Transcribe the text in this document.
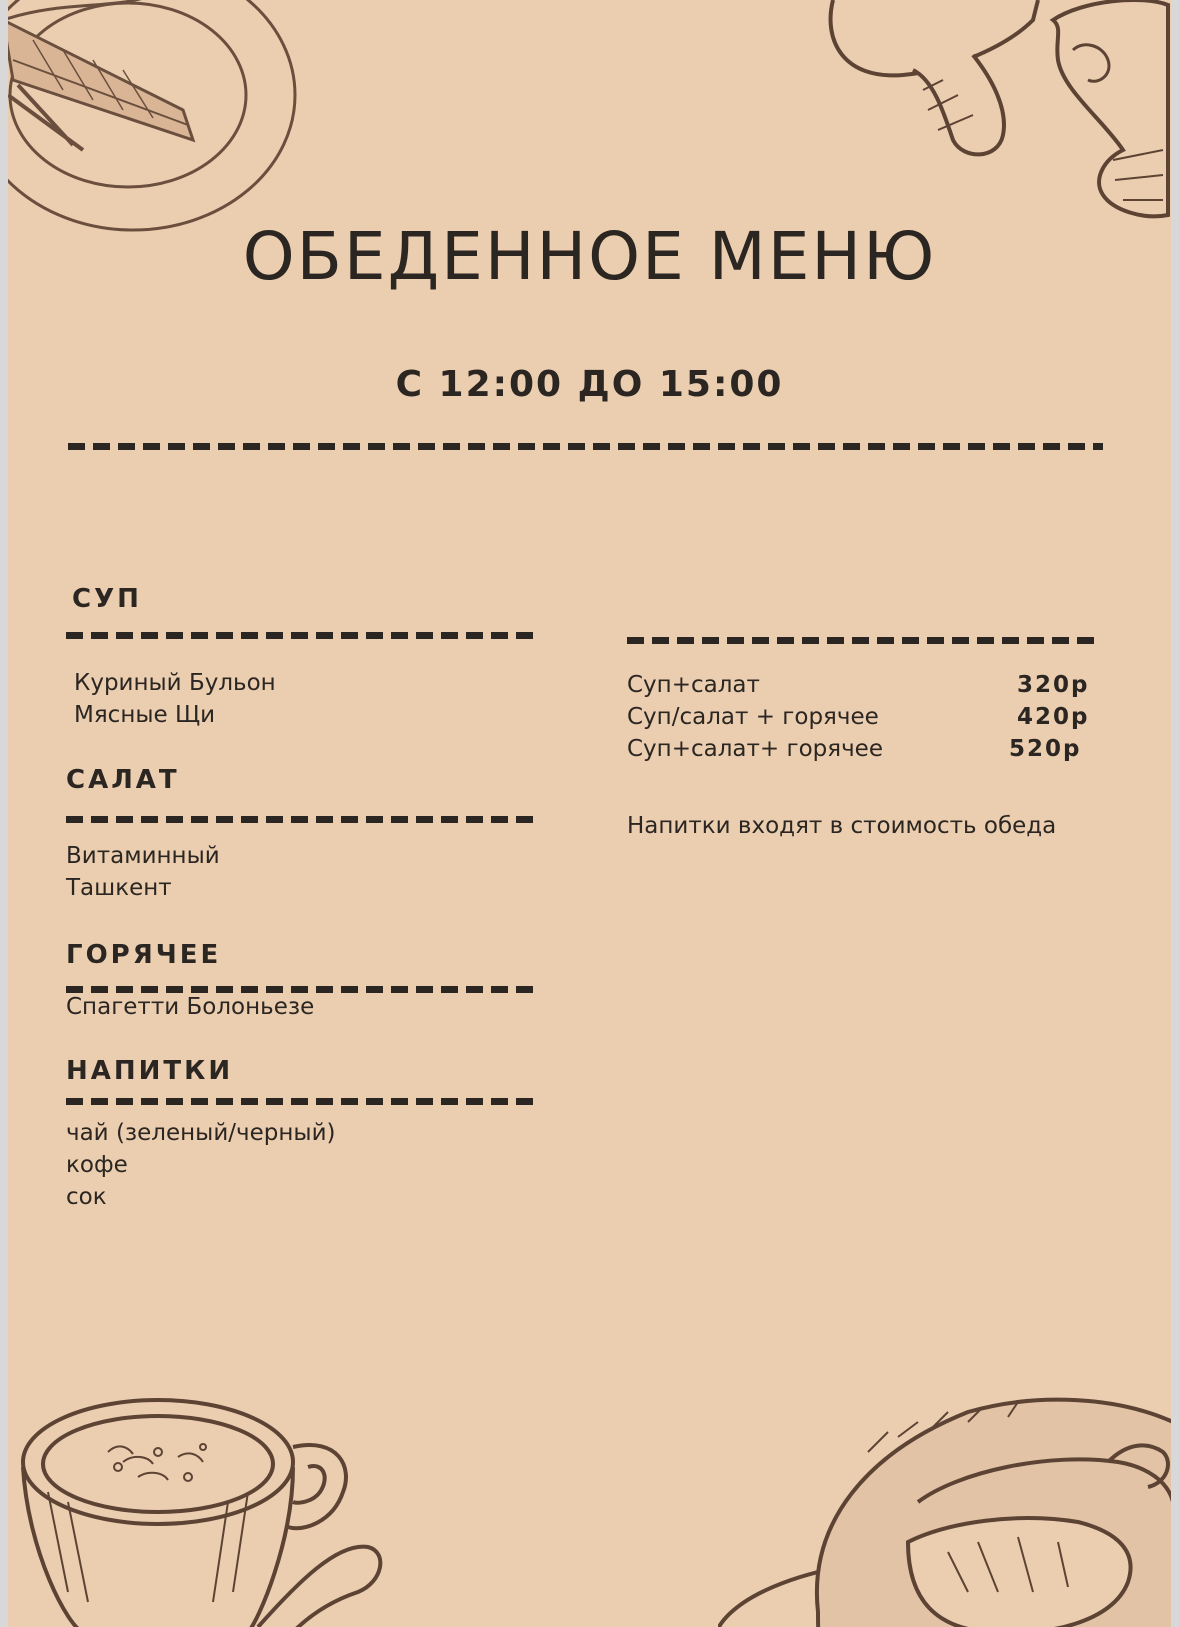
ОБЕДЕННОЕ МЕНЮ
С 12:00 ДО 15:00
СУП
Куриный Бульон
Мясные Щи
САЛАТ
Витаминный
Ташкент
ГОРЯЧЕЕ
Спагетти Болоньезе
НАПИТКИ
чай (зеленый/черный)
кофе
сок
Суп+салат	320р
Суп/салат + горячее	420р
Суп+салат+ горячее	520р
Напитки входят в стоимость обеда
